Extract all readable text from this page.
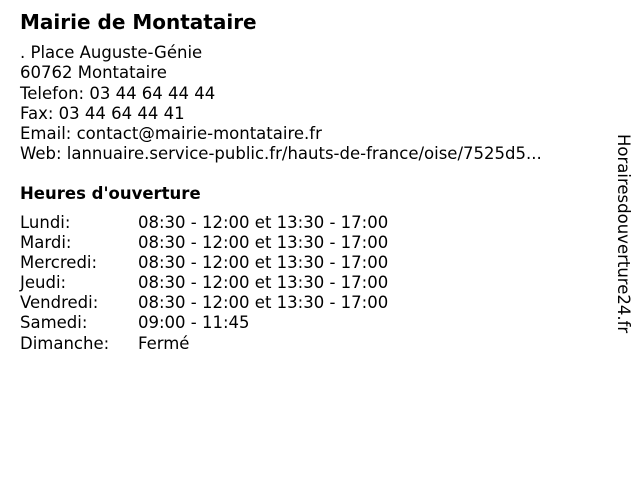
Mairie de Montataire
. Place Auguste-Génie
60762 Montataire
Telefon: 03 44 64 44 44
Fax: 03 44 64 44 41
Email: contact@mairie-montataire.fr
Web: lannuaire.service-public.fr/hauts-de-france/oise/7525d5...
Heures d'ouverture
Lundi:	08:30 - 12:00 et 13:30 - 17:00
Mardi:	08:30 - 12:00 et 13:30 - 17:00
Mercredi: 08:30 - 12:00 et 13:30 - 17:00
Jeudi:	08:30 - 12:00 et 13:30 - 17:00
Vendredi: 08:30 - 12:00 et 13:30 - 17:00
Samedi:	09:00 - 11:45
Dimanche: Fermé
Horairesdouverture24.fr
